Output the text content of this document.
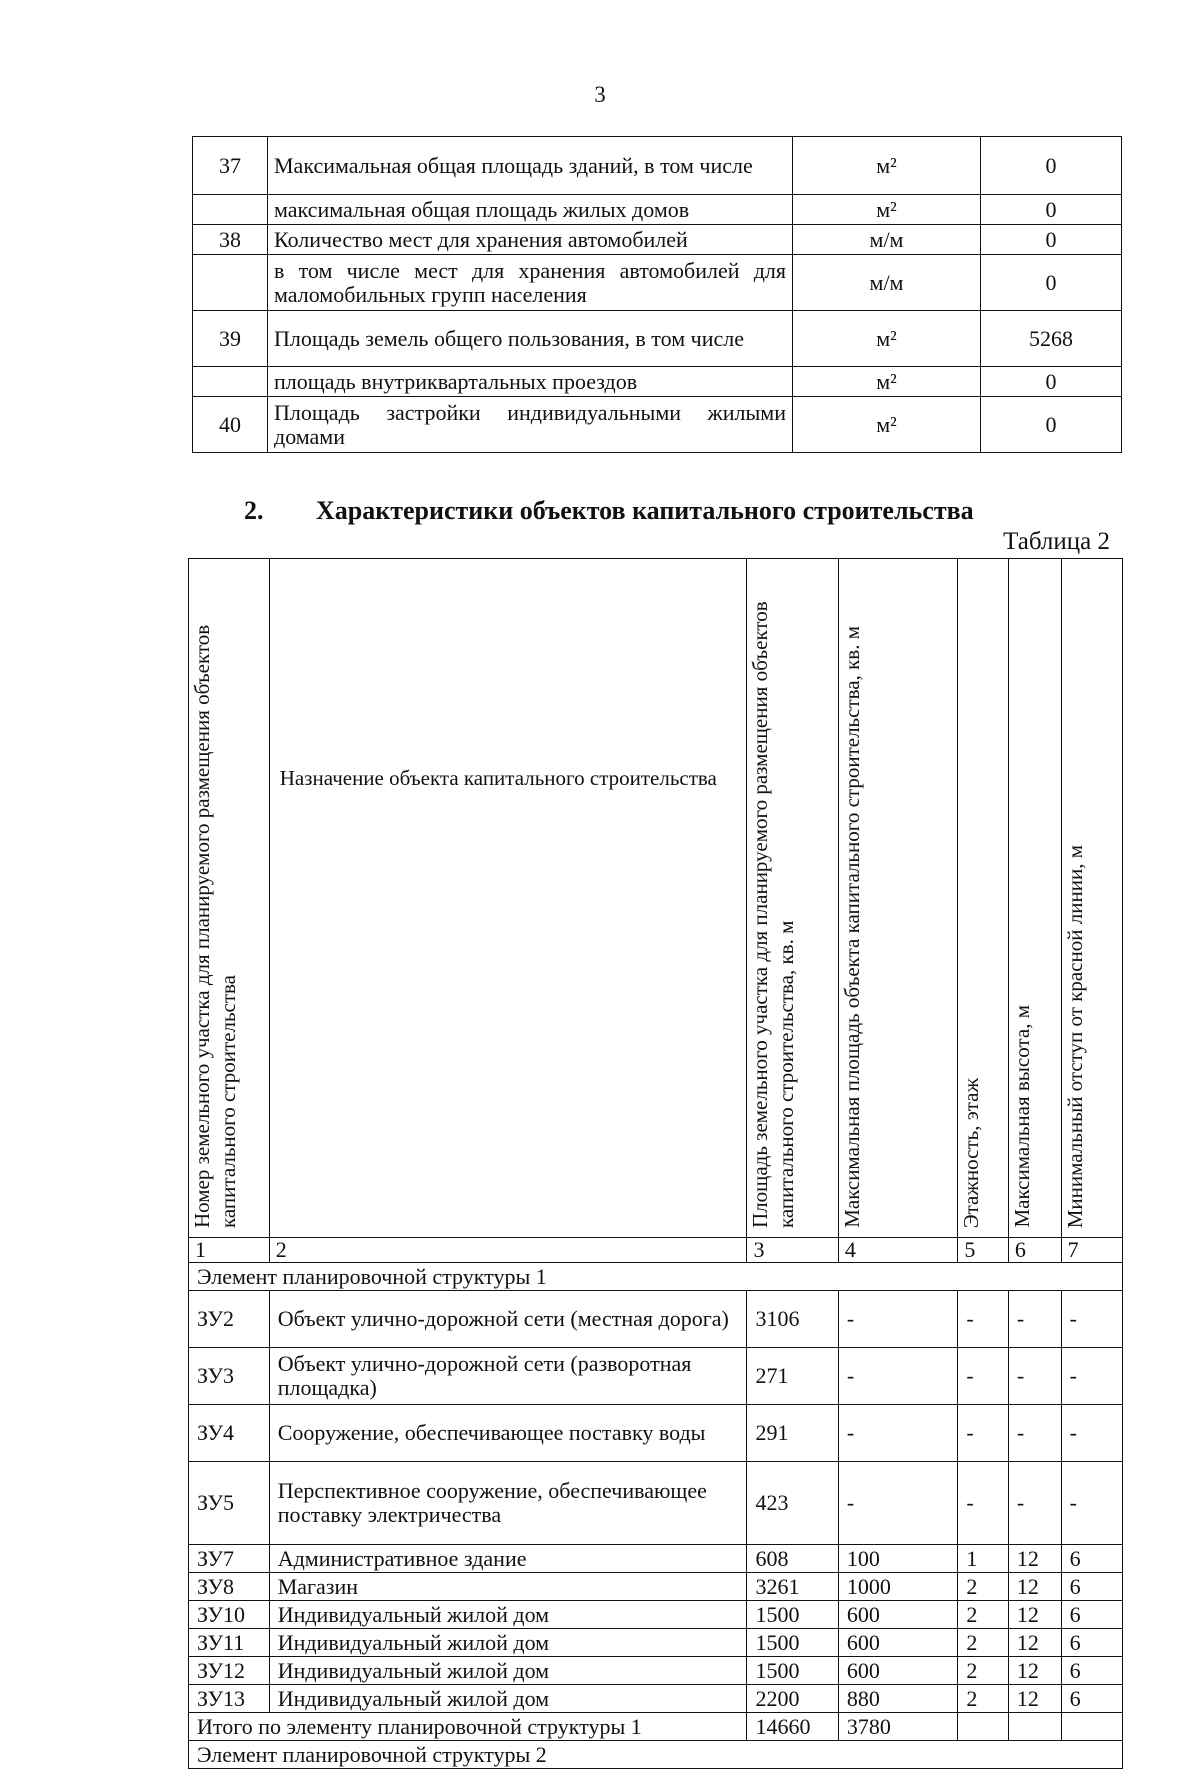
3
37	Максимальная общая площадь зданий, в том числе	м²	0
	максимальная общая площадь жилых домов	м²	0
38	Количество мест для хранения автомобилей	м/м	0
	в том числе мест для хранения автомобилей для маломобильных групп населения	м/м	0
39	Площадь земель общего пользования, в том числе	м²	5268
	площадь внутриквартальных проездов	м²	0
40	Площадь застройки индивидуальными жилыми домами	м²	0
2. Характеристики объектов капитального строительства
Таблица 2
Номер земельного участка для планируемого размещения объектов капитального строительства	Назначение объекта капитального строительства	Площадь земельного участка для планируемого размещения объектов капитального строительства, кв. м	Максимальная площадь объекта капитального строительства, кв. м	Этажность, этаж	Максимальная высота, м	Минимальный отступ от красной линии, м
1	2	3	4	5	6	7
Элемент планировочной структуры 1						
ЗУ2	Объект улично-дорожной сети (местная дорога)	3106	-	-	-	-
ЗУ3	Объект улично-дорожной сети (разворотная площадка)	271	-	-	-	-
ЗУ4	Сооружение, обеспечивающее поставку воды	291	-	-	-	-
ЗУ5	Перспективное сооружение, обеспечивающее поставку электричества	423	-	-	-	-
ЗУ7	Административное здание	608	100	1	12	6
ЗУ8	Магазин	3261	1000	2	12	6
ЗУ10	Индивидуальный жилой дом	1500	600	2	12	6
ЗУ11	Индивидуальный жилой дом	1500	600	2	12	6
ЗУ12	Индивидуальный жилой дом	1500	600	2	12	6
ЗУ13	Индивидуальный жилой дом	2200	880	2	12	6
Итого по элементу планировочной структуры 1		14660	3780			
Элемент планировочной структуры 2						
